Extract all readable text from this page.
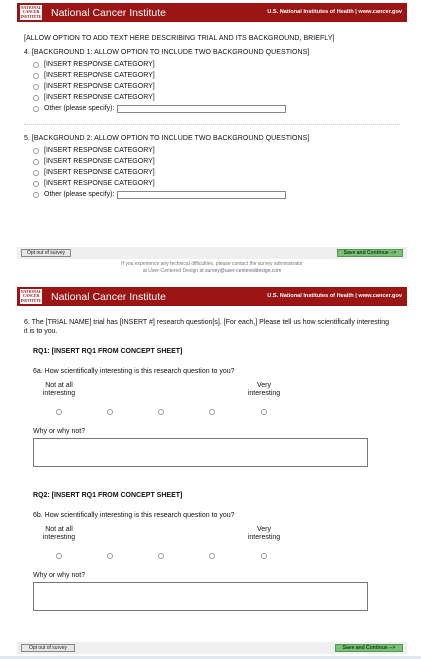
NATIONAL
CANCER
INSTITUTE National Cancer Institute	U.S. National Institutes of Health | www.cancer.gov
[ALLOW OPTION TO ADD TEXT HERE DESCRIBING TRIAL AND ITS BACKGROUND, BRIEFLY]
4. [BACKGROUND 1: ALLOW OPTION TO INCLUDE TWO BACKGROUND QUESTIONS]
[INSERT RESPONSE CATEGORY]
[INSERT RESPONSE CATEGORY]
[INSERT RESPONSE CATEGORY]
[INSERT RESPONSE CATEGORY]
Other (please specify):
5. [BACKGROUND 2: ALLOW OPTION TO INCLUDE TWO BACKGROUND QUESTIONS]
[INSERT RESPONSE CATEGORY]
[INSERT RESPONSE CATEGORY]
[INSERT RESPONSE CATEGORY]
[INSERT RESPONSE CATEGORY]
Other (please specify):
Opt out of survey	Save and Continue -->
If you experience any technical difficulties, please contact the survey administrator
at User-Centered Design at survey@user-centereddesign.com
NATIONAL
CANCER
INSTITUTE National Cancer Institute	U.S. National Institutes of Health | www.cancer.gov
6. The [TRIAL NAME] trial has [INSERT #] research question[s]. [For each,] Please tell us how scientifically interesting it is to you.
RQ1: [INSERT RQ1 FROM CONCEPT SHEET]
6a. How scientifically interesting is this research question to you?
Not at all interesting
Very interesting
Why or why not?
RQ2: [INSERT RQ1 FROM CONCEPT SHEET]
6b. How scientifically interesting is this research question to you?
Not at all interesting
Very interesting
Why or why not?
Opt out of survey	Save and Continue -->
